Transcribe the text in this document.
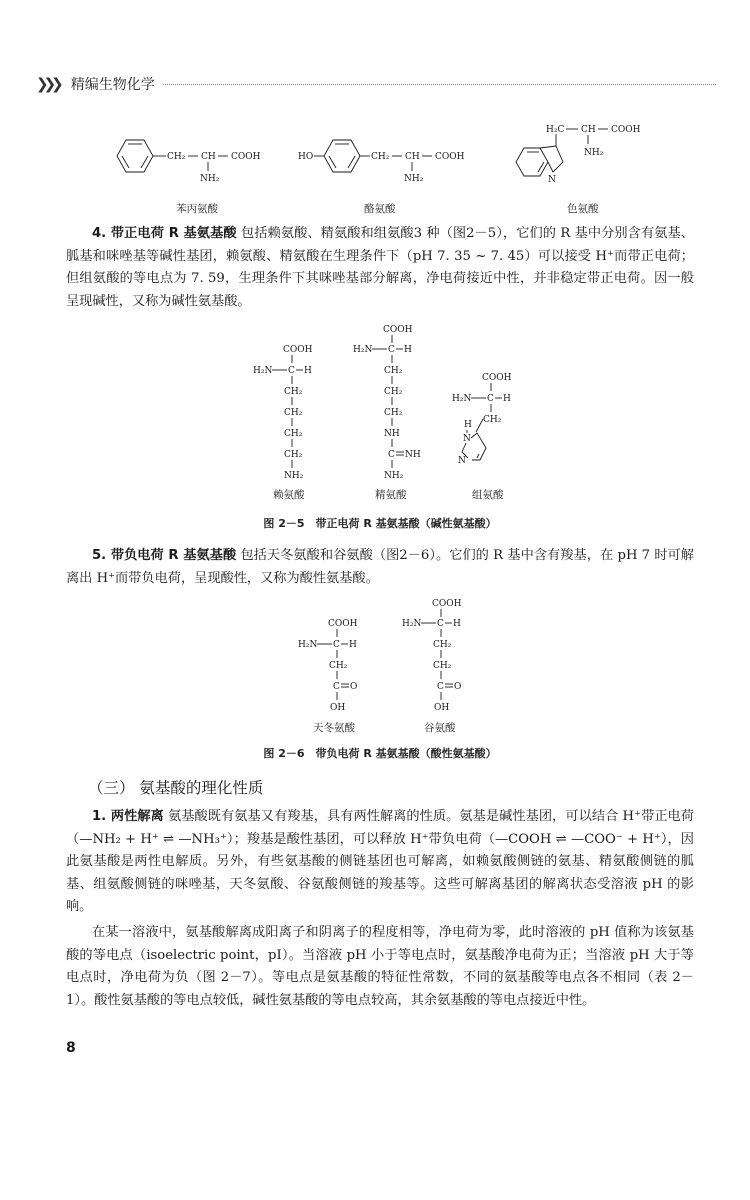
❯❯❯ 精编生物化学
CH₂ CH COOH
NH₂
苯丙氨酸
HO	CH₂ CH COOH
NH₂
酪氨酸
H₂C CH COOH
NH₂
N
色氨酸
4. 带正电荷 R 基氨基酸 包括赖氨酸、精氨酸和组氨酸3 种（图2－5），它们的 R 基中分别含有氨基、胍基和咪唑基等碱性基团，赖氨酸、精氨酸在生理条件下（pH 7. 35 ~ 7. 45）可以接受 H⁺而带正电荷；但组氨酸的等电点为 7. 59，生理条件下其咪唑基部分解离，净电荷接近中性，并非稳定带正电荷。因一般呈现碱性，又称为碱性氨基酸。
COOH
H₂N C H
CH₂
CH₂
CH₂
CH₂
NH₂
赖氨酸
COOH
H₂N C H
CH₂
CH₂
CH₂
NH
C NH
NH₂
精氨酸
COOH
H₂N C H
CH₂
H
N
N
组氨酸
图 2－5　带正电荷 R 基氨基酸（碱性氨基酸）
5. 带负电荷 R 基氨基酸 包括天冬氨酸和谷氨酸（图2－6）。它们的 R 基中含有羧基，在 pH 7 时可解离出 H⁺而带负电荷，呈现酸性，又称为酸性氨基酸。
COOH
H₂N C H
CH₂
C O
OH
天冬氨酸
COOH
H₂N C H
CH₂
CH₂
C O
OH
谷氨酸
图 2－6　带负电荷 R 基氨基酸（酸性氨基酸）
（三） 氨基酸的理化性质
1. 两性解离 氨基酸既有氨基又有羧基，具有两性解离的性质。氨基是碱性基团，可以结合 H⁺带正电荷（—NH₂ + H⁺ ⇌ —NH₃⁺）；羧基是酸性基团，可以释放 H⁺带负电荷（—COOH ⇌ —COO⁻ + H⁺），因此氨基酸是两性电解质。另外，有些氨基酸的侧链基团也可解离，如赖氨酸侧链的氨基、精氨酸侧链的胍基、组氨酸侧链的咪唑基，天冬氨酸、谷氨酸侧链的羧基等。这些可解离基团的解离状态受溶液 pH 的影响。
在某一溶液中，氨基酸解离成阳离子和阴离子的程度相等，净电荷为零，此时溶液的 pH 值称为该氨基酸的等电点（isoelectric point，pI）。当溶液 pH 小于等电点时，氨基酸净电荷为正；当溶液 pH 大于等电点时，净电荷为负（图 2－7）。等电点是氨基酸的特征性常数，不同的氨基酸等电点各不相同（表 2－1）。酸性氨基酸的等电点较低，碱性氨基酸的等电点较高，其余氨基酸的等电点接近中性。
8
